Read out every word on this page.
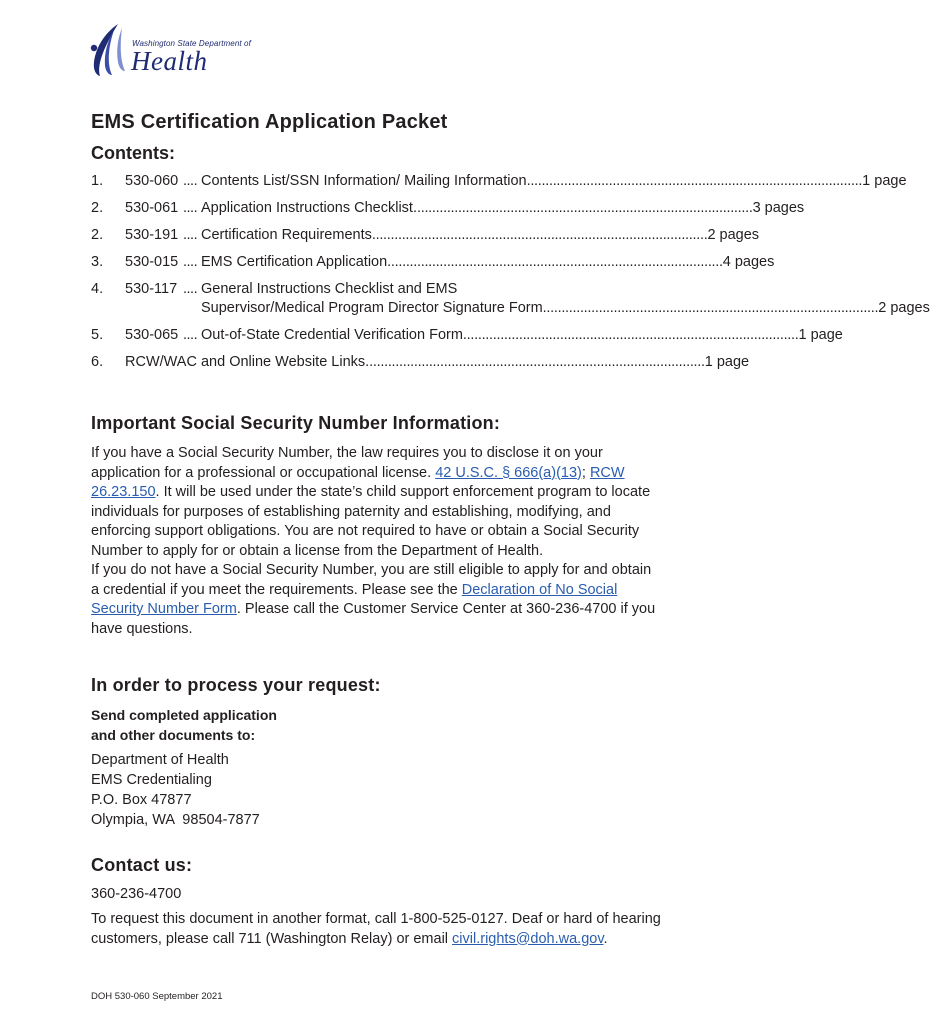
Washington State Department of
Health
EMS Certification Application Packet
Contents:
1. 530-060 .... Contents List/SSN Information/ Mailing Information .......................................................................................... 1 page
2. 530-061 .... Application Instructions Checklist. .......................................................................................... 3 pages
2. 530-191 .... Certification Requirements .......................................................................................... 2 pages
3. 530-015 .... EMS Certification Application .......................................................................................... 4 pages
4. 530-117 .... General Instructions Checklist and EMS
Supervisor/Medical Program Director Signature Form .......................................................................................... 2 pages
5. 530-065 .... Out-of-State Credential Verification Form .......................................................................................... 1 page
6. RCW/WAC and Online Website Links. .......................................................................................... 1 page
Important Social Security Number Information:

If you have a Social Security Number, the law requires you to disclose it on your application for a professional or occupational license. 42 U.S.C. § 666(a)(13); RCW 26.23.150. It will be used under the state’s child support enforcement program to locate individuals for purposes of establishing paternity and establishing, modifying, and enforcing support obligations. You are not required to have or obtain a Social Security Number to apply for or obtain a license from the Department of Health.

If you do not have a Social Security Number, you are still eligible to apply for and obtain a credential if you meet the requirements. Please see the Declaration of No Social Security Number Form. Please call the Customer Service Center at 360-236-4700 if you have questions.

In order to process your request:
Send completed application
and other documents to:
Department of Health
EMS Credentialing
P.O. Box 47877
Olympia, WA  98504-7877
Contact us:
360-236-4700
To request this document in another format, call 1-800-525-0127. Deaf or hard of hearing customers, please call 711 (Washington Relay) or email civil.rights@doh.wa.gov.
DOH 530-060 September 2021
